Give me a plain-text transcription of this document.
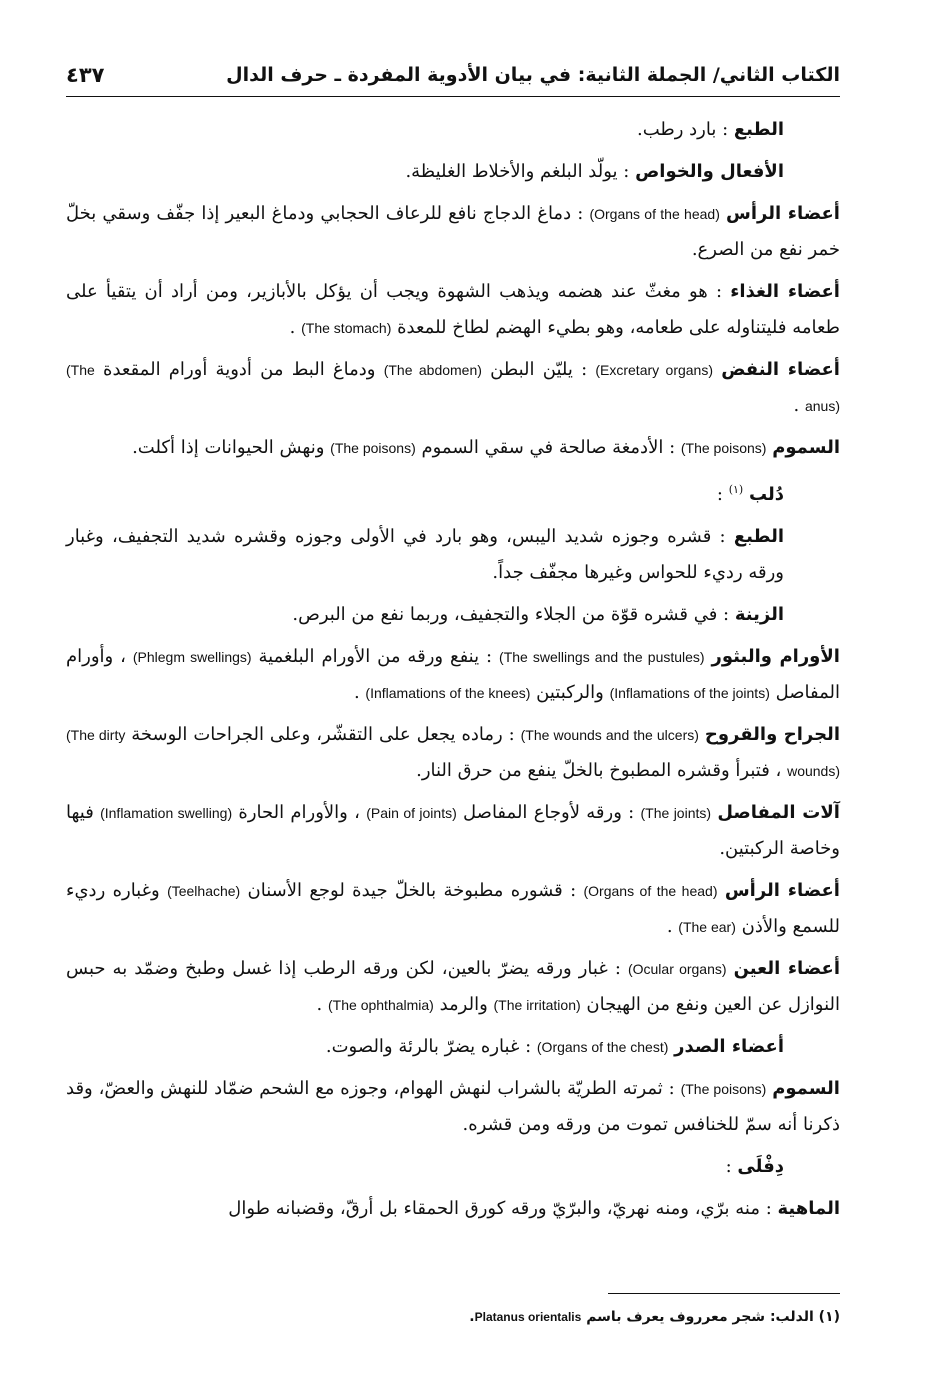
الكتاب الثاني/ الجملة الثانية: في بيان الأدوية المفردة ـ حرف الدال
٤٣٧

الطبع : بارد رطب.

الأفعال والخواص : يولّد البلغم والأخلاط الغليظة.

أعضاء الرأس (Organs of the head) : دماغ الدجاج نافع للرعاف الحجابي ودماغ البعير إذا جفّف وسقي بخلّ خمر نفع من الصرع.

أعضاء الغذاء : هو مغثّ عند هضمه ويذهب الشهوة ويجب أن يؤكل بالأبازير، ومن أراد أن يتقيأ على طعامه فليتناوله على طعامه، وهو بطيء الهضم لطاخ للمعدة (The stomach) .

أعضاء النفض (Excretary organs) : يليّن البطن (The abdomen) ودماغ البط من أدوية أورام المقعدة (The anus) .

السموم (The poisons) : الأدمغة صالحة في سقي السموم (The poisons) ونهش الحيوانات إذا أكلت.

دُلب $^{(١)}$ :

الطبع : قشره وجوزه شديد اليبس، وهو بارد في الأولى وجوزه وقشره شديد التجفيف، وغبار ورقه رديء للحواس وغيرها مجفّف جداً.

الزينة : في قشره قوّة من الجلاء والتجفيف، وربما نفع من البرص.

الأورام والبثور (The swellings and the pustules) : ينفع ورقه من الأورام البلغمية (Phlegm swellings) ، وأورام المفاصل (Inflamations of the joints) والركبتين (Inflamations of the knees) .

الجراح والقروح (The wounds and the ulcers) : رماده يجعل على التقشّر، وعلى الجراحات الوسخة (The dirty wounds) ، فتبرأ وقشره المطبوخ بالخلّ ينفع من حرق النار.

آلات المفاصل (The joints) : ورقه لأوجاع المفاصل (Pain of joints) ، والأورام الحارة (Inflamation swelling) فيها وخاصة الركبتين.

أعضاء الرأس (Organs of the head) : قشوره مطبوخة بالخلّ جيدة لوجع الأسنان (Teelhache) وغباره رديء للسمع والأذن (The ear) .

أعضاء العين (Ocular organs) : غبار ورقه يضرّ بالعين، لكن ورقه الرطب إذا غسل وطبخ وضمّد به حبس النوازل عن العين ونفع من الهيجان (The irritation) والرمد (The ophthalmia) .

أعضاء الصدر (Organs of the chest) : غباره يضرّ بالرئة والصوت.

السموم (The poisons) : ثمرته الطريّة بالشراب لنهش الهوام، وجوزه مع الشحم ضمّاد للنهش والعضّ، وقد ذكرنا أنه سمّ للخنافس تموت من ورقه ومن قشره.

دِفْلَى :

الماهية : منه برّي، ومنه نهريّ، والبرّيّ ورقه كورق الحمقاء بل أرقّ، وقضبانه طوال

(١) الدلب: شجر معرروف يعرف باسم Platanus orientalis.
